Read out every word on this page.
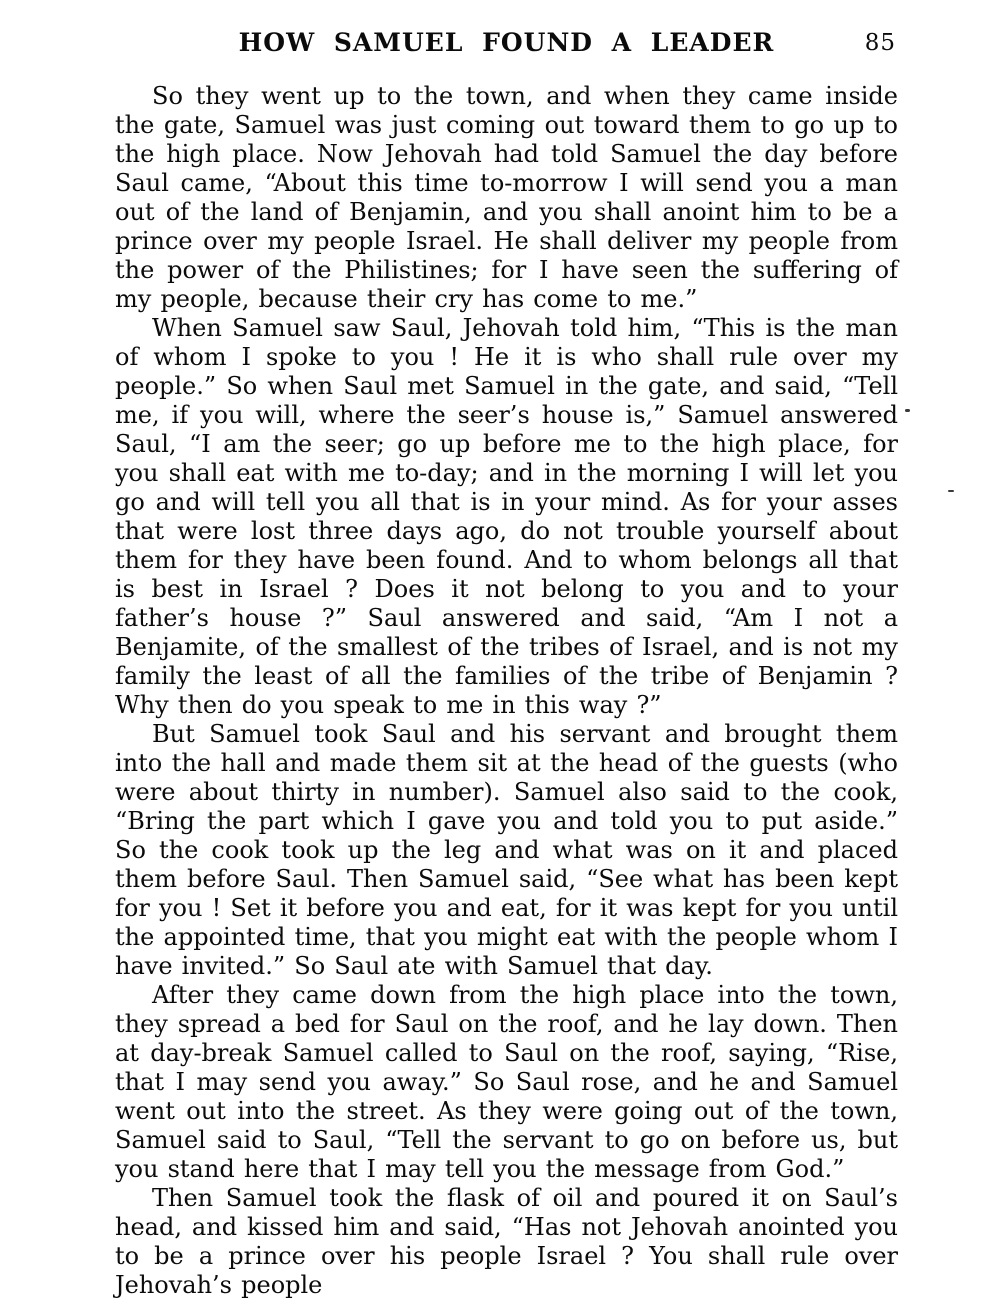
HOW SAMUEL FOUND A LEADER	85

So they went up to the town, and when they came inside the gate, Samuel was just coming out toward them to go up to the high place. Now Jehovah had told Samuel the day before Saul came, “About this time to-morrow I will send you a man out of the land of Benjamin, and you shall anoint him to be a prince over my people Israel. He shall deliver my people from the power of the Philistines; for I have seen the suffering of my people, because their cry has come to me.”

When Samuel saw Saul, Jehovah told him, “This is the man of whom I spoke to you ! He it is who shall rule over my people.” So when Saul met Samuel in the gate, and said, “Tell me, if you will, where the seer’s house is,” Samuel answered Saul, “I am the seer; go up before me to the high place, for you shall eat with me to-day; and in the morning I will let you go and will tell you all that is in your mind. As for your asses that were lost three days ago, do not trouble yourself about them for they have been found. And to whom belongs all that is best in Israel ? Does it not belong to you and to your father’s house ?” Saul answered and said, “Am I not a Benjamite, of the smallest of the tribes of Israel, and is not my family the least of all the families of the tribe of Benjamin ? Why then do you speak to me in this way ?”

But Samuel took Saul and his servant and brought them into the hall and made them sit at the head of the guests (who were about thirty in number). Samuel also said to the cook, “Bring the part which I gave you and told you to put aside.” So the cook took up the leg and what was on it and placed them before Saul. Then Samuel said, “See what has been kept for you ! Set it before you and eat, for it was kept for you until the appointed time, that you might eat with the people whom I have invited.” So Saul ate with Samuel that day.

After they came down from the high place into the town, they spread a bed for Saul on the roof, and he lay down. Then at day-break Samuel called to Saul on the roof, saying, “Rise, that I may send you away.” So Saul rose, and he and Samuel went out into the street. As they were going out of the town, Samuel said to Saul, “Tell the servant to go on before us, but you stand here that I may tell you the message from God.”

Then Samuel took the flask of oil and poured it on Saul’s head, and kissed him and said, “Has not Jehovah anointed you to be a prince over his people Israel ? You shall rule over Jehovah’s people
